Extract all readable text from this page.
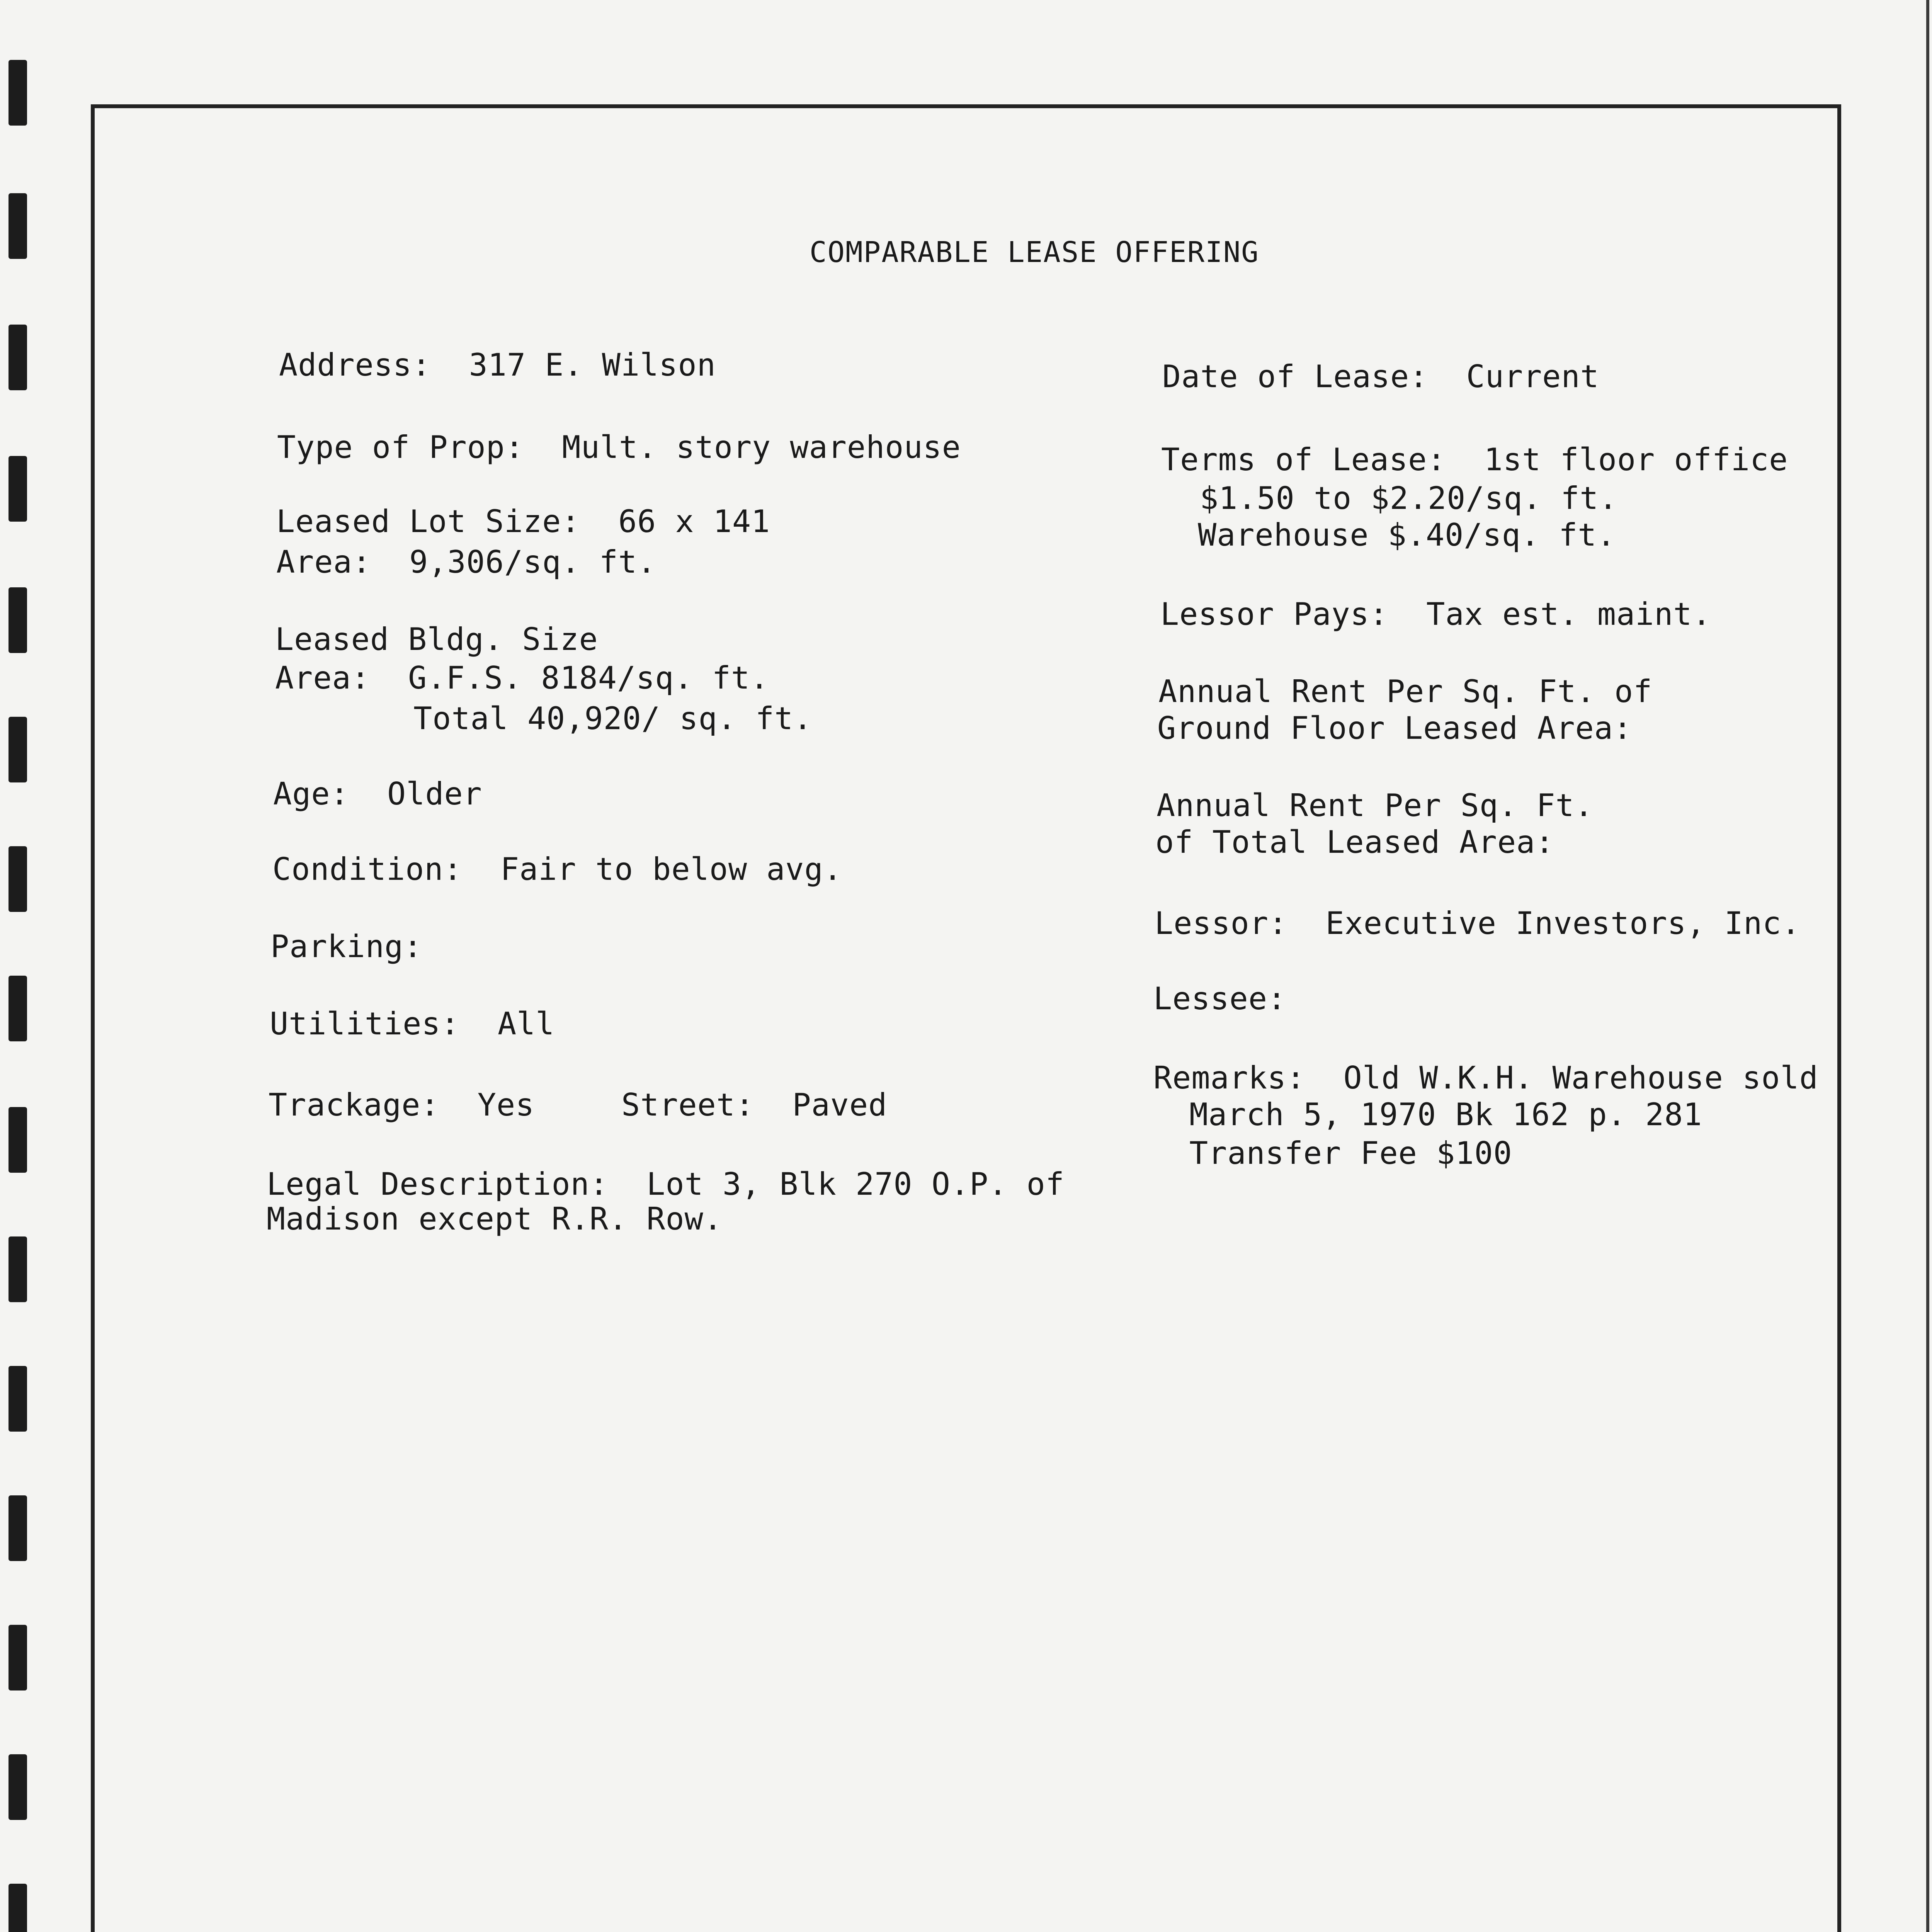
COMPARABLE LEASE OFFERING
Address:  317 E. Wilson
Type of Prop:  Mult. story warehouse
Leased Lot Size:  66 x 141
Area:  9,306/sq. ft.
Leased Bldg. Size
Area:  G.F.S. 8184/sq. ft.
Total 40,920/ sq. ft.
Age:  Older
Condition:  Fair to below avg.
Parking:
Utilities:  All
Trackage:  Yes	Street:  Paved
Legal Description:  Lot 3, Blk 270 O.P. of
Madison except R.R. Row.
Date of Lease:  Current
Terms of Lease:  1st floor office
$1.50 to $2.20/sq. ft.
Warehouse $.40/sq. ft.
Lessor Pays:  Tax est. maint.
Annual Rent Per Sq. Ft. of
Ground Floor Leased Area:
Annual Rent Per Sq. Ft.
of Total Leased Area:
Lessor:  Executive Investors, Inc.
Lessee:
Remarks:  Old W.K.H. Warehouse sold
March 5, 1970 Bk 162 p. 281
Transfer Fee $100
